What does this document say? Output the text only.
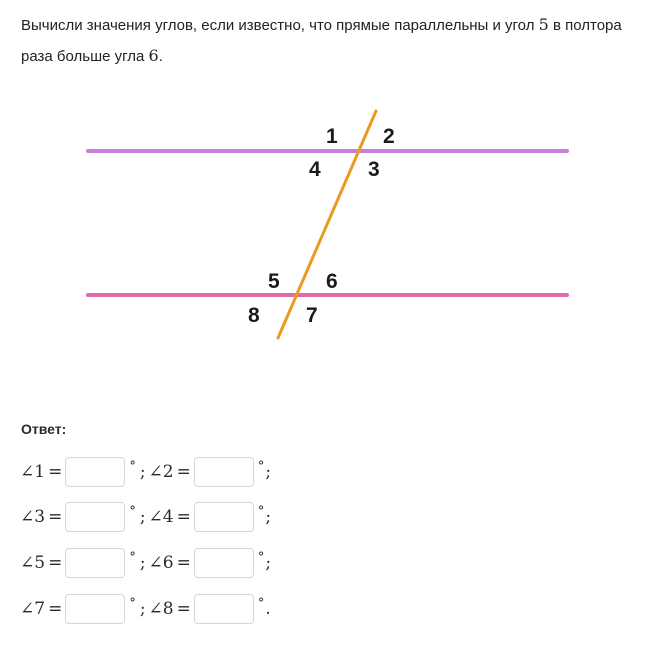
Вычисли значения углов, если известно, что прямые параллельны и угол 5 в полтора раза больше угла 6.
1 2
4 3
5 6
8 7
Ответ:
∠1 =	° ; ∠2 =	° ;
∠3 =	° ; ∠4 =	° ;
∠5 =	° ; ∠6 =	° ;
∠7 =	° ; ∠8 =	° .
